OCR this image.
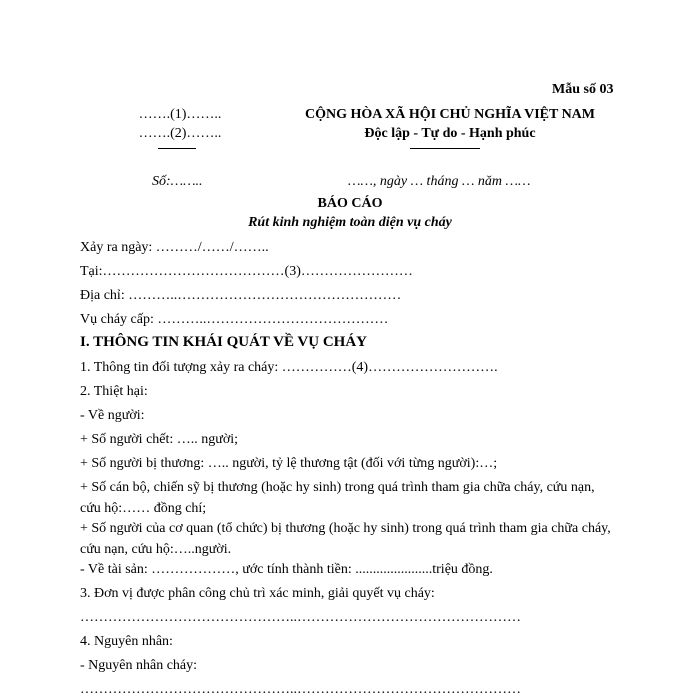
Mẫu số 03
…….(1)……..
…….(2)……..
CỘNG HÒA XÃ HỘI CHỦ NGHĨA VIỆT NAM
Độc lập - Tự do - Hạnh phúc
Số:……..	……, ngày … tháng … năm ……
BÁO CÁO
Rút kinh nghiệm toàn diện vụ cháy
Xảy ra ngày: ………/……/……..
Tại:…………………………………(3)……………………
Địa chỉ: ………..…………………………………………
Vụ cháy cấp: ………..…………………………………
I. THÔNG TIN KHÁI QUÁT VỀ VỤ CHÁY
1. Thông tin đối tượng xảy ra cháy: ……………(4)……………………….
2. Thiệt hại:
- Về người:
+ Số người chết: ….. người;
+ Số người bị thương: ….. người, tỷ lệ thương tật (đối với từng người):…;
+ Số cán bộ, chiến sỹ bị thương (hoặc hy sinh) trong quá trình tham gia chữa cháy, cứu nạn, cứu hộ:…… đồng chí;
+ Số người của cơ quan (tổ chức) bị thương (hoặc hy sinh) trong quá trình tham gia chữa cháy, cứu nạn, cứu hộ:…..người.
- Về tài sản: ………………, ước tính thành tiền: ......................triệu đồng.
3. Đơn vị được phân công chủ trì xác minh, giải quyết vụ cháy:
………………………………………..…………………………………………
4. Nguyên nhân:
- Nguyên nhân cháy:
………………………………………..…………………………………………
